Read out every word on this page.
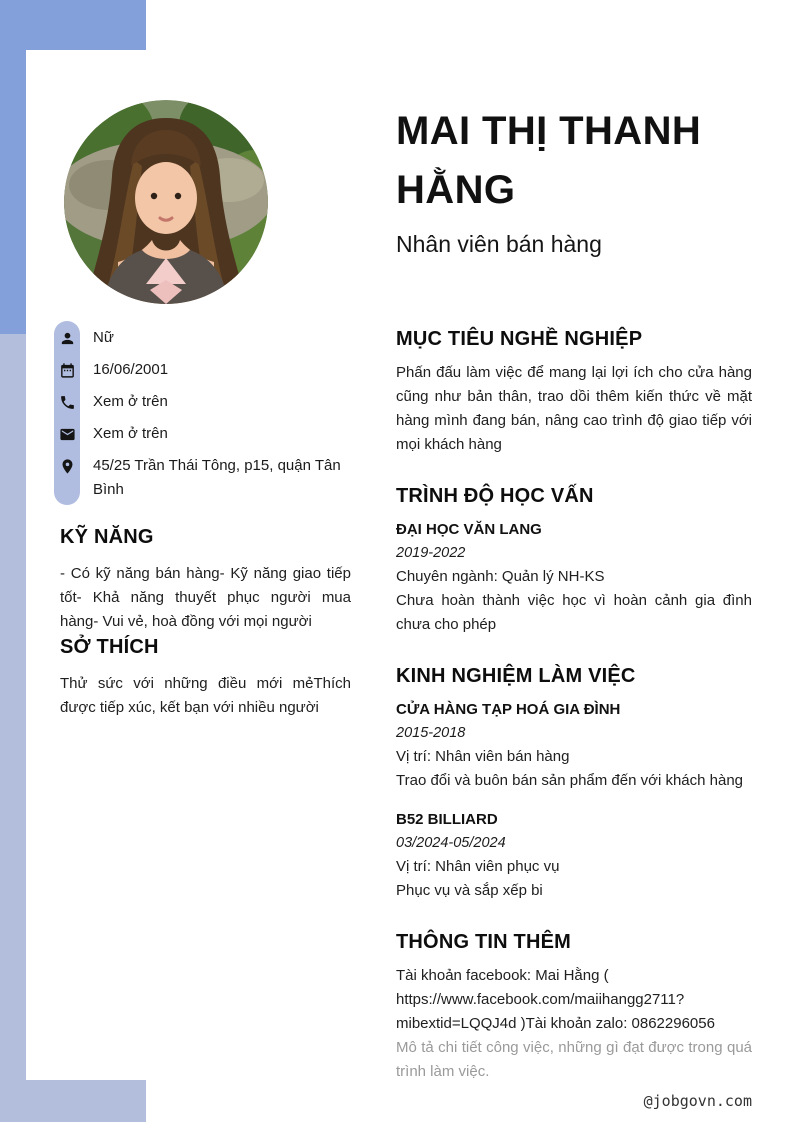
MAI THỊ THANH HẰNG
Nhân viên bán hàng
Nữ
16/06/2001
Xem ở trên
Xem ở trên
45/25 Trần Thái Tông, p15, quận Tân Bình
KỸ NĂNG

- Có kỹ năng bán hàng- Kỹ năng giao tiếp tốt- Khả năng thuyết phục người mua hàng- Vui vẻ, hoà đồng với mọi người

SỞ THÍCH

Thử sức với những điều mới mẻThích được tiếp xúc, kết bạn với nhiều người

MỤC TIÊU NGHỀ NGHIỆP

Phấn đấu làm việc để mang lại lợi ích cho cửa hàng cũng như bản thân, trao dồi thêm kiến thức về mặt hàng mình đang bán, nâng cao trình độ giao tiếp với mọi khách hàng

TRÌNH ĐỘ HỌC VẤN
ĐẠI HỌC VĂN LANG
2019-2022
Chuyên ngành: Quản lý NH-KS

Chưa hoàn thành việc học vì hoàn cảnh gia đình chưa cho phép

KINH NGHIỆM LÀM VIỆC
CỬA HÀNG TẠP HOÁ GIA ĐÌNH
2015-2018
Vị trí: Nhân viên bán hàng
Trao đổi và buôn bán sản phẩm đến với khách hàng
B52 BILLIARD
03/2024-05/2024
Vị trí: Nhân viên phục vụ
Phục vụ và sắp xếp bi
THÔNG TIN THÊM
Tài khoản facebook: Mai Hằng (
https://www.facebook.com/maiihangg2711?
mibextid=LQQJ4d )Tài khoản zalo: 0862296056

Mô tả chi tiết công việc, những gì đạt được trong quá trình làm việc.

@jobgovn.com
